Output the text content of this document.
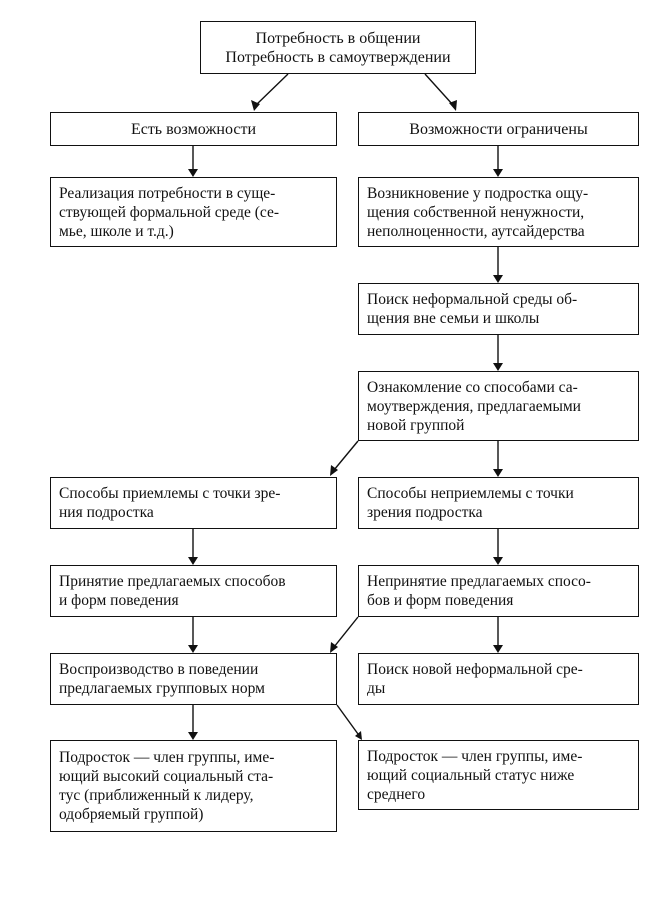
Потребность в общении
Потребность в самоутверждении
Есть возможности	Возможности ограничены
Реализация потребности в суще-
ствующей формальной среде (се-
мье, школе и т.д.)
Возникновение у подростка ощу-
щения собственной ненужности,
неполноценности, аутсайдерства
Поиск неформальной среды об-
щения вне семьи и школы
Ознакомление со способами са-
моутверждения, предлагаемыми
новой группой
Способы приемлемы с точки зре-
ния подростка
Способы неприемлемы с точки
зрения подростка
Принятие предлагаемых способов
и форм поведения
Непринятие предлагаемых спосо-
бов и форм поведения
Воспроизводство в поведении
предлагаемых групповых норм
Поиск новой неформальной сре-
ды
Подросток — член группы, име-
ющий высокий социальный ста-
тус (приближенный к лидеру,
одобряемый группой)
Подросток — член группы, име-
ющий социальный статус ниже
среднего
